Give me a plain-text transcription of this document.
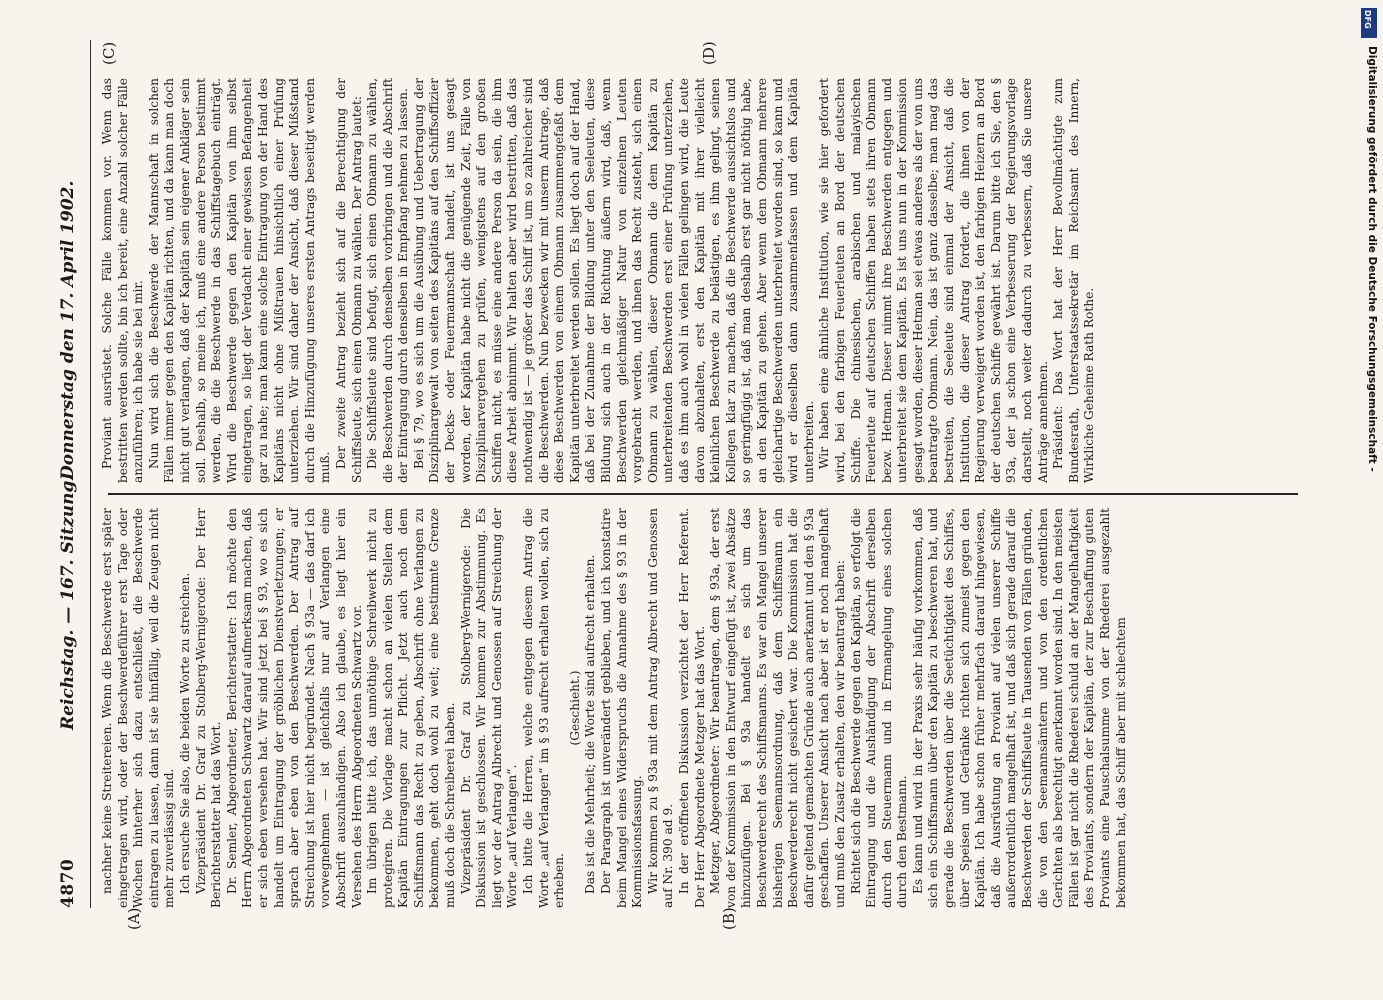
(A)	(B)
(C)	(D)
4870
Reichstag. — 167. Sitzung.
Donnerstag den 17. April 1902.

nachher keine Streitereien. Wenn die Beschwerde erst später eingetragen wird, oder der Beschwerdeführer erst Tage oder Wochen hinterher sich dazu entschließt, die Beschwerde eintragen zu lassen, dann ist sie hinfällig, weil die Zeugen nicht mehr zuverlässig sind. Ich ersuche Sie also, die beiden Worte zu streichen. Vizepräsident Dr. Graf zu Stolberg-Wernigerode: Der Herr Berichterstatter hat das Wort. Dr. Semler, Abgeordneter, Berichterstatter: Ich möchte den Herrn Abgeordneten Schwartz darauf aufmerksam machen, daß er sich eben versehen hat. Wir sind jetzt bei § 93, wo es sich handelt um Eintragung der gröblichen Dienstverletzungen; er sprach aber eben von den Beschwerden. Der Antrag auf Streichung ist hier nicht begründet. Nach § 93a — das darf ich vorwegnehmen — ist gleichfalls nur auf Verlangen eine Abschrift auszuhändigen. Also ich glaube, es liegt hier ein Versehen des Herrn Abgeordneten Schwartz vor. Im übrigen bitte ich, das unnöthige Schreibwerk nicht zu protegiren. Die Vorlage macht schon an vielen Stellen dem Kapitän Eintragungen zur Pflicht. Jetzt auch noch dem Schiffsmann das Recht zu geben, Abschrift ohne Verlangen zu bekommen, geht doch wohl zu weit; eine bestimmte Grenze muß doch die Schreiberei haben. Vizepräsident Dr. Graf zu Stolberg-Wernigerode: Die Diskussion ist geschlossen. Wir kommen zur Abstimmung. Es liegt vor der Antrag Albrecht und Genossen auf Streichung der Worte „auf Verlangen“. Ich bitte die Herren, welche entgegen diesem Antrag die Worte „auf Verlangen“ im § 93 aufrecht erhalten wollen, sich zu erheben.

(Geschieht.) Das ist die Mehrheit; die Worte sind aufrecht erhalten. Der Paragraph ist unverändert geblieben, und ich konstatire beim Mangel eines Widerspruchs die Annahme des § 93 in der Kommissionsfassung. Wir kommen zu § 93a mit dem Antrag Albrecht und Genossen auf Nr. 390 ad 9. In der eröffneten Diskussion verzichtet der Herr Referent. Der Herr Abgeordnete Metzger hat das Wort. Metzger, Abgeordneter: Wir beantragen, dem § 93a, der erst von der Kommission in den Entwurf eingefügt ist, zwei Absätze hinzuzufügen. Bei § 93a handelt es sich um das Beschwerderecht des Schiffsmanns. Es war ein Mangel unserer bisherigen Seemannsordnung, daß dem Schiffsmann ein Beschwerderecht nicht gesichert war. Die Kommission hat die dafür geltend gemachten Gründe auch anerkannt und den § 93a geschaffen. Unserer Ansicht nach aber ist er noch mangelhaft und muß den Zusatz erhalten, den wir beantragt haben: Richtet sich die Beschwerde gegen den Kapitän, so erfolgt die Eintragung und die Aushändigung der Abschrift derselben durch den Steuermann und in Ermangelung eines solchen durch den Bestmann. Es kann und wird in der Praxis sehr häufig vorkommen, daß sich ein Schiffsmann über den Kapitän zu beschweren hat, und gerade die Beschwerden über die Seetüchtigkeit des Schiffes, über Speisen und Getränke richten sich zumeist gegen den Kapitän. Ich habe schon früher mehrfach darauf hingewiesen, daß die Ausrüstung an Proviant auf vielen unserer Schiffe außerordentlich mangelhaft ist, und daß sich gerade darauf die Beschwerden der Schiffsleute in Tausenden von Fällen gründen, die von den Seemannsämtern und von den ordentlichen Gerichten als berechtigt anerkannt worden sind. In den meisten Fällen ist gar nicht die Rhederei schuld an der Mangelhaftigkeit des Proviants, sondern der Kapitän, der zur Beschaffung guten Proviants eine Pauschalsumme von der Rhederei ausgezahlt bekommen hat, das Schiff aber mit schlechtem

Proviant ausrüstet. Solche Fälle kommen vor. Wenn das bestritten werden sollte, bin ich bereit, eine Anzahl solcher Fälle anzuführen; ich habe sie bei mir. Nun wird sich die Beschwerde der Mannschaft in solchen Fällen immer gegen den Kapitän richten, und da kann man doch nicht gut verlangen, daß der Kapitän sein eigener Ankläger sein soll. Deshalb, so meine ich, muß eine andere Person bestimmt werden, die die Beschwerde in das Schiffstagebuch einträgt. Wird die Beschwerde gegen den Kapitän von ihm selbst eingetragen, so liegt der Verdacht einer gewissen Befangenheit gar zu nahe; man kann eine solche Eintragung von der Hand des Kapitäns nicht ohne Mißtrauen hinsichtlich einer Prüfung unterziehen. Wir sind daher der Ansicht, daß dieser Mißstand durch die Hinzufügung unseres ersten Antrags beseitigt werden muß. Der zweite Antrag bezieht sich auf die Berechtigung der Schiffsleute, sich einen Obmann zu wählen. Der Antrag lautet: Die Schiffsleute sind befugt, sich einen Obmann zu wählen, die Beschwerden durch denselben vorbringen und die Abschrift der Eintragung durch denselben in Empfang nehmen zu lassen. Bei § 79, wo es sich um die Ausübung und Uebertragung der Disziplinargewalt von seiten des Kapitäns auf den Schiffsoffizier der Decks- oder Feuermannschaft handelt, ist uns gesagt worden, der Kapitän habe nicht die genügende Zeit, Fälle von Disziplinarvergehen zu prüfen, wenigstens auf den großen Schiffen nicht, es müsse eine andere Person da sein, die ihm diese Arbeit abnimmt. Wir halten aber wird bestritten, daß das nothwendig ist — je größer das Schiff ist, um so zahlreicher sind die Beschwerden. Nun bezwecken wir mit unserm Antrage, daß diese Beschwerden von einem Obmann zusammengefaßt dem Kapitän unterbreitet werden sollen. Es liegt doch auf der Hand, daß bei der Zunahme der Bildung unter den Seeleuten, diese Bildung sich auch in der Richtung äußern wird, daß, wenn Beschwerden gleichmäßiger Natur von einzelnen Leuten vorgebracht werden, und ihnen das Recht zusteht, sich einen Obmann zu wählen, dieser Obmann die dem Kapitän zu unterbreitenden Beschwerden erst einer Prüfung unterziehen, daß es ihm auch wohl in vielen Fällen gelingen wird, die Leute davon abzuhalten, erst den Kapitän mit ihrer vielleicht kleinlichen Beschwerde zu belästigen, es ihm gelingt, seinen Kollegen klar zu machen, daß die Beschwerde aussichtslos und so geringfügig ist, daß man deshalb erst gar nicht nöthig habe, an den Kapitän zu gehen. Aber wenn dem Obmann mehrere gleichartige Beschwerden unterbreitet worden sind, so kann und wird er dieselben dann zusammenfassen und dem Kapitän unterbreiten. Wir haben eine ähnliche Institution, wie sie hier gefordert wird, bei den farbigen Feuerleuten an Bord der deutschen Schiffe. Die chinesischen, arabischen und malayischen Feuerleute auf deutschen Schiffen haben stets ihren Obmann bezw. Hetman. Dieser nimmt ihre Beschwerden entgegen und unterbreitet sie dem Kapitän. Es ist uns nun in der Kommission gesagt worden, dieser Hetman sei etwas anderes als der von uns beantragte Obmann. Nein, das ist ganz dasselbe; man mag das bestreiten, die Seeleute sind einmal der Ansicht, daß die Institution, die dieser Antrag fordert, die ihnen von der Regierung verweigert worden ist, den farbigen Heizern an Bord der deutschen Schiffe gewährt ist. Darum bitte ich Sie, den § 93a, der ja schon eine Verbesserung der Regierungsvorlage darstellt, noch weiter dadurch zu verbessern, daß Sie unsere Anträge annehmen. Präsident: Das Wort hat der Herr Bevollmächtigte zum Bundesrath, Unterstaatssekretär im Reichsamt des Innern, Wirkliche Geheime Rath Rothe.

DFG
Digitalisierung gefördert durch die Deutsche Forschungsgemeinschaft -
